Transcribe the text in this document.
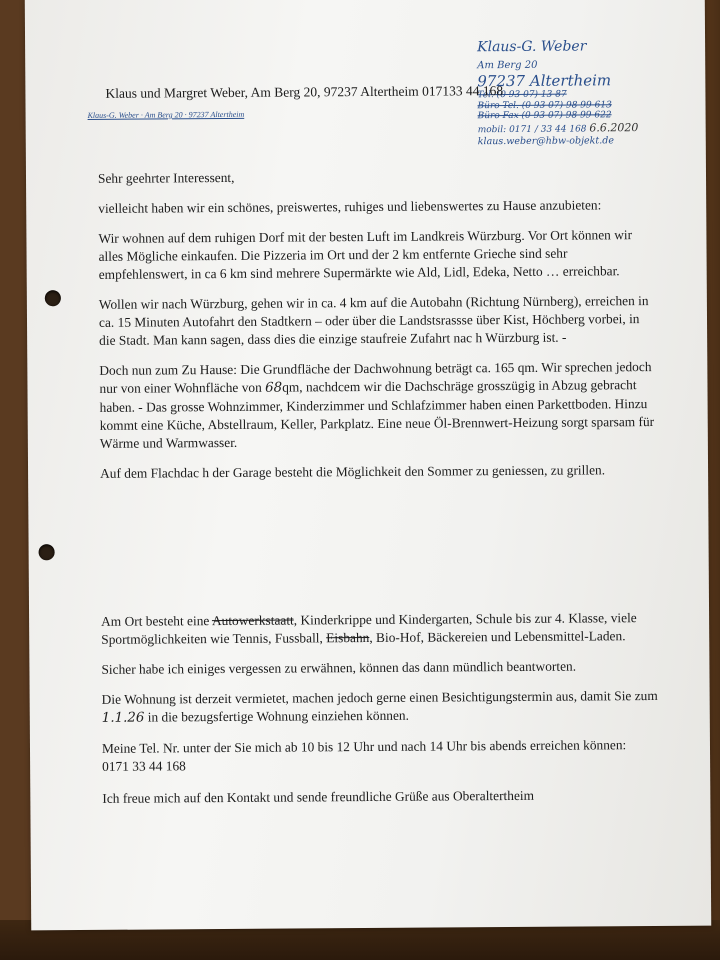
Klaus-G. Weber
Am Berg 20
97237 Altertheim
Tel. (0 93 07) 13 87
Büro Tel. (0 93 07) 98 99 613
Büro Fax (0 93 07) 98 99 622
mobil: 0171 / 33 44 168 6.6.2020
klaus.weber@hbw-objekt.de
Klaus und Margret Weber, Am Berg 20, 97237 Altertheim 017133 44 168
Klaus-G. Weber · Am Berg 20 · 97237 Altertheim

Sehr geehrter Interessent,

vielleicht haben wir ein schönes, preiswertes, ruhiges und liebenswertes zu Hause anzubieten:

Wir wohnen auf dem ruhigen Dorf mit der besten Luft im Landkreis Würzburg. Vor Ort können wir alles Mögliche einkaufen. Die Pizzeria im Ort und der 2 km entfernte Grieche sind sehr empfehlenswert, in ca 6 km sind mehrere Supermärkte wie Ald, Lidl, Edeka, Netto … erreichbar.

Wollen wir nach Würzburg, gehen wir in ca. 4 km auf die Autobahn (Richtung Nürnberg), erreichen in ca. 15 Minuten Autofahrt den Stadtkern – oder über die Landstsrassse über Kist, Höchberg vorbei, in die Stadt. Man kann sagen, dass dies die einzige staufreie Zufahrt nac h Würzburg ist. -

Doch nun zum Zu Hause: Die Grundfläche der Dachwohnung beträgt ca. 165 qm. Wir sprechen jedoch nur von einer Wohnfläche von 68qm, nachdcem wir die Dachschräge grosszügig in Abzug gebracht haben. - Das grosse Wohnzimmer, Kinderzimmer und Schlafzimmer haben einen Parkettboden. Hinzu kommt eine Küche, Abstellraum, Keller, Parkplatz. Eine neue Öl-Brennwert-Heizung sorgt sparsam für Wärme und Warmwasser.

Auf dem Flachdac h der Garage besteht die Möglichkeit den Sommer zu geniessen, zu grillen.

Am Ort besteht eine Autowerkstaatt, Kinderkrippe und Kindergarten, Schule bis zur 4. Klasse, viele Sportmöglichkeiten wie Tennis, Fussball, Eisbahn, Bio-Hof, Bäckereien und Lebensmittel-Laden.

Sicher habe ich einiges vergessen zu erwähnen, können das dann mündlich beantworten.

Die Wohnung ist derzeit vermietet, machen jedoch gerne einen Besichtigungstermin aus, damit Sie zum 1.1.26 in die bezugsfertige Wohnung einziehen können.

Meine Tel. Nr. unter der Sie mich ab 10 bis 12 Uhr und nach 14 Uhr bis abends erreichen können:
0171 33 44 168

Ich freue mich auf den Kontakt und sende freundliche Grüße aus Oberaltertheim
